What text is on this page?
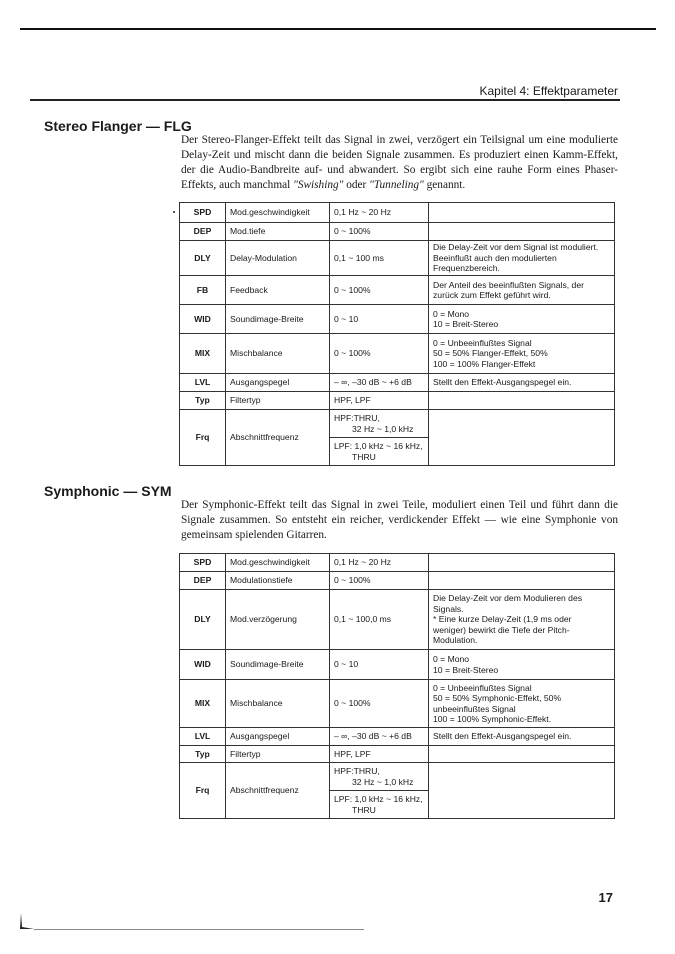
Kapitel 4: Effektparameter
Stereo Flanger — FLG

Der Stereo-Flanger-Effekt teilt das Signal in zwei, verzögert ein Teilsignal um eine modulierte Delay-Zeit und mischt dann die beiden Signale zusammen. Es produziert einen Kamm-Effekt, der die Audio-Bandbreite auf- und abwandert. So ergibt sich eine rauhe Form eines Phaser-Effekts, auch manchmal "Swishing" oder "Tunneling" genannt.

SPD	Mod.geschwindigkeit	0,1 Hz ~ 20 Hz	
DEP	Mod.tiefe	0 ~ 100%	
DLY	Delay-Modulation	0,1 ~ 100 ms	Die Delay-Zeit vor dem Signal ist moduliert. Beeinflußt auch den modulierten Frequenzbereich.
FB	Feedback	0 ~ 100%	Der Anteil des beeinflußten Signals, der zurück zum Effekt geführt wird.
WID	Soundimage-Breite	0 ~ 10	0 = Mono
10 = Breit-Stereo
MIX	Mischbalance	0 ~ 100%	0 = Unbeeinflußtes Signal
50 = 50% Flanger-Effekt, 50%
100 = 100% Flanger-Effekt
LVL	Ausgangspegel	– ∞, –30 dB ~ +6 dB	Stellt den Effekt-Ausgangspegel ein.
Typ	Filtertyp	HPF, LPF	
Frq	Abschnittfrequenz	HPF:THRU,
32 Hz ~ 1,0 kHz	

		LPF: 1,0 kHz ~ 16 kHz,
THRU	
Symphonic — SYM

Der Symphonic-Effekt teilt das Signal in zwei Teile, moduliert einen Teil und führt dann die Signale zusammen. So entsteht ein reicher, verdickender Effekt — wie eine Symphonie von gemeinsam spielenden Gitarren.

SPD	Mod.geschwindigkeit	0,1 Hz ~ 20 Hz	
DEP	Modulationstiefe	0 ~ 100%	
DLY	Mod.verzögerung	0,1 ~ 100,0 ms	Die Delay-Zeit vor dem Modulieren des Signals.
* Eine kurze Delay-Zeit (1,9 ms oder
weniger) bewirkt die Tiefe der Pitch-
Modulation.
WID	Soundimage-Breite	0 ~ 10	0 = Mono
10 = Breit-Stereo
MIX	Mischbalance	0 ~ 100%	0 = Unbeeinflußtes Signal
50 = 50% Symphonic-Effekt, 50%
unbeeinflußtes Signal
100 = 100% Symphonic-Effekt.
LVL	Ausgangspegel	– ∞, –30 dB ~ +6 dB	Stellt den Effekt-Ausgangspegel ein.
Typ	Filtertyp	HPF, LPF	
Frq	Abschnittfrequenz	HPF:THRU,
32 Hz ~ 1,0 kHz	

		LPF: 1,0 kHz ~ 16 kHz,
THRU	
17
